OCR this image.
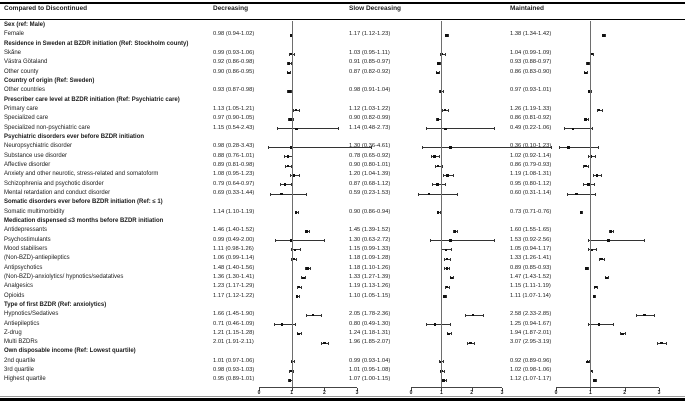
Compared to Discontinued	Decreasing	Slow Decreasing	Maintained
Sex (ref: Male)
Female	0.98 (0.94-1.02)	1.17 (1.12-1.23)	1.38 (1.34-1.42)
Residence in Sweden at BZDR initiation (Ref: Stockholm county)
Skåne	0.99 (0.93-1.06)	1.03 (0.95-1.11)	1.04 (0.99-1.09)
Västra Götaland	0.92 (0.86-0.98)	0.91 (0.85-0.97)	0.93 (0.88-0.97)
Other county	0.90 (0.86-0.95)	0.87 (0.82-0.92)	0.86 (0.83-0.90)
Country of origin (Ref: Sweden)
Other countries	0.93 (0.87-0.98)	0.98 (0.91-1.04)	0.97 (0.93-1.01)
Prescriber care level at BZDR initiation (Ref: Psychiatric care)
Primary care	1.13 (1.05-1.21)	1.12 (1.03-1.22)	1.26 (1.19-1.33)
Specialized care	0.97 (0.90-1.05)	0.90 (0.82-0.99)	0.86 (0.81-0.92)
Specialized non-psychiatric care	1.15 (0.54-2.43)	1.14 (0.48-2.73)	0.49 (0.22-1.06)
Psychiatric disorders ever before BZDR initiation
Neuropsychiatric disorder	0.98 (0.28-3.43)	1.30 (0.36-4.61)	0.36 (0.10-1.23)
Substance use disorder	0.88 (0.76-1.01)	0.78 (0.65-0.92)	1.02 (0.92-1.14)
Affective disorder	0.89 (0.81-0.98)	0.90 (0.80-1.01)	0.86 (0.79-0.93)
Anxiety and other neurotic, stress-related and somatoform	1.08 (0.95-1.23)	1.20 (1.04-1.39)	1.19 (1.08-1.31)
Schizophrenia and psychotic disorder	0.79 (0.64-0.97)	0.87 (0.68-1.12)	0.95 (0.80-1.12)
Mental retardation and conduct disorder	0.69 (0.33-1.44)	0.59 (0.23-1.53)	0.60 (0.31-1.14)
Somatic disorders ever before BZDR initiation (Ref: ≤ 1)
Somatic multimorbidity	1.14 (1.10-1.19)	0.90 (0.86-0.94)	0.73 (0.71-0.76)
Medication dispensed ≤3 months before BZDR initiation
Antidepressants	1.46 (1.40-1.52)	1.45 (1.39-1.52)	1.60 (1.55-1.65)
Psychostimulants	0.99 (0.49-2.00)	1.30 (0.63-2.72)	1.53 (0.92-2.56)
Mood stabilisers	1.11 (0.98-1.26)	1.15 (0.99-1.33)	1.05 (0.94-1.17)
(Non-BZD)-antiepileptics	1.06 (0.99-1.14)	1.18 (1.09-1.28)	1.33 (1.26-1.41)
Antipsychotics	1.48 (1.40-1.56)	1.18 (1.10-1.26)	0.89 (0.85-0.93)
(Non-BZD)-anxiolytics/ hypnotics/sedatatives	1.36 (1.30-1.41)	1.33 (1.27-1.39)	1.47 (1.43-1.52)
Analgesics	1.23 (1.17-1.29)	1.19 (1.13-1.26)	1.15 (1.11-1.19)
Opioids	1.17 (1.12-1.22)	1.10 (1.05-1.15)	1.11 (1.07-1.14)
Type of first BZDR (Ref: anxiolytics)
Hypnotics/Sedatives	1.66 (1.45-1.90)	2.05 (1.78-2.36)	2.58 (2.33-2.85)
Antiepileptics	0.71 (0.46-1.09)	0.80 (0.49-1.30)	1.25 (0.94-1.67)
Z-drug	1.21 (1.15-1.28)	1.24 (1.18-1.31)	1.94 (1.87-2.01)
Multi BZDRs	2.01 (1.91-2.11)	1.96 (1.85-2.07)	3.07 (2.95-3.19)
Own disposable income (Ref: Lowest quartile)
2nd quartile	1.01 (0.97-1.06)	0.99 (0.93-1.04)	0.92 (0.89-0.96)
3rd quartile	0.98 (0.93-1.03)	1.01 (0.95-1.08)	1.02 (0.98-1.06)
Highest quartile	0.95 (0.89-1.01)	1.07 (1.00-1.15)	1.12 (1.07-1.17)
0	1	2	3	0	1	2	3	0	1	2	3
